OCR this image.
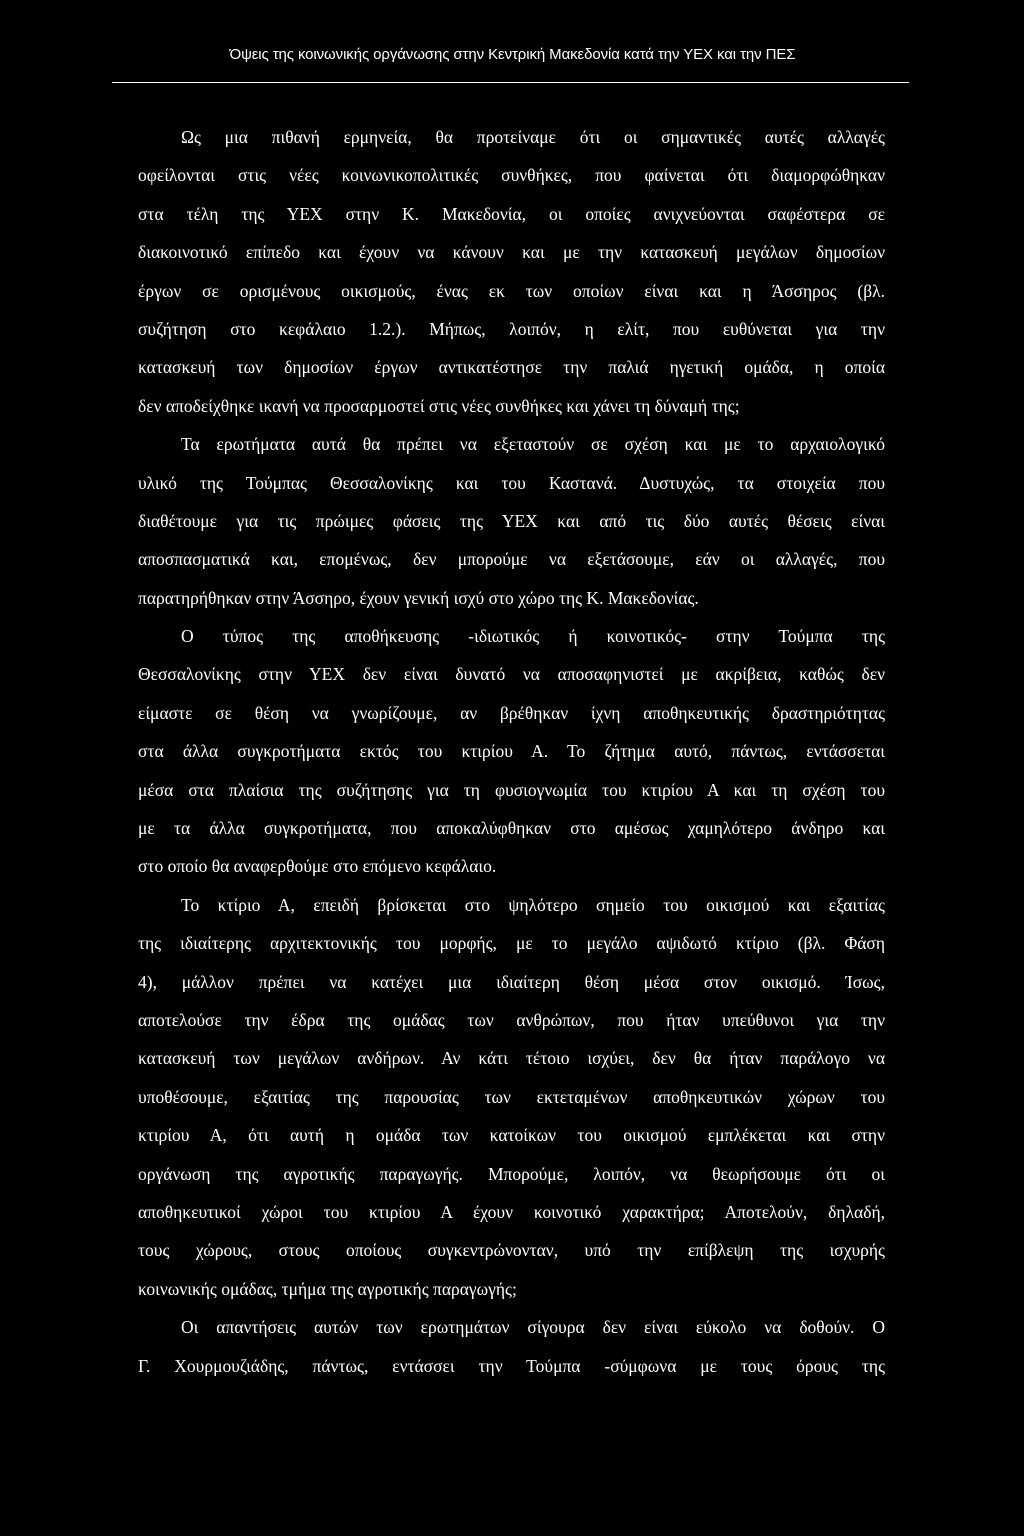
Όψεις της κοινωνικής οργάνωσης στην Κεντρική Μακεδονία κατά την ΥΕΧ και την ΠΕΣ
Ως μια πιθανή ερμηνεία, θα προτείναμε ότι οι σημαντικές αυτές αλλαγές
οφείλονται στις νέες κοινωνικοπολιτικές συνθήκες, που φαίνεται ότι διαμορφώθηκαν
στα τέλη της ΥΕΧ στην Κ. Μακεδονία, οι οποίες ανιχνεύονται σαφέστερα σε
διακοινοτικό επίπεδο και έχουν να κάνουν και με την κατασκευή μεγάλων δημοσίων
έργων σε ορισμένους οικισμούς, ένας εκ των οποίων είναι και η Άσσηρος (βλ.
συζήτηση στο κεφάλαιο 1.2.). Μήπως, λοιπόν, η ελίτ, που ευθύνεται για την
κατασκευή των δημοσίων έργων αντικατέστησε την παλιά ηγετική ομάδα, η οποία
δεν αποδείχθηκε ικανή να προσαρμοστεί στις νέες συνθήκες και χάνει τη δύναμή της;
Τα ερωτήματα αυτά θα πρέπει να εξεταστούν σε σχέση και με το αρχαιολογικό
υλικό της Τούμπας Θεσσαλονίκης και του Καστανά. Δυστυχώς, τα στοιχεία που
διαθέτουμε για τις πρώιμες φάσεις της ΥΕΧ και από τις δύο αυτές θέσεις είναι
αποσπασματικά και, επομένως, δεν μπορούμε να εξετάσουμε, εάν οι αλλαγές, που
παρατηρήθηκαν στην Άσσηρο, έχουν γενική ισχύ στο χώρο της Κ. Μακεδονίας.
Ο τύπος της αποθήκευσης -ιδιωτικός ή κοινοτικός- στην Τούμπα της
Θεσσαλονίκης στην ΥΕΧ δεν είναι δυνατό να αποσαφηνιστεί με ακρίβεια, καθώς δεν
είμαστε σε θέση να γνωρίζουμε, αν βρέθηκαν ίχνη αποθηκευτικής δραστηριότητας
στα άλλα συγκροτήματα εκτός του κτιρίου Α. Το ζήτημα αυτό, πάντως, εντάσσεται
μέσα στα πλαίσια της συζήτησης για τη φυσιογνωμία του κτιρίου Α και τη σχέση του
με τα άλλα συγκροτήματα, που αποκαλύφθηκαν στο αμέσως χαμηλότερο άνδηρο και
στο οποίο θα αναφερθούμε στο επόμενο κεφάλαιο.
Το κτίριο Α, επειδή βρίσκεται στο ψηλότερο σημείο του οικισμού και εξαιτίας
της ιδιαίτερης αρχιτεκτονικής του μορφής, με το μεγάλο αψιδωτό κτίριο (βλ. Φάση
4), μάλλον πρέπει να κατέχει μια ιδιαίτερη θέση μέσα στον οικισμό. Ίσως,
αποτελούσε την έδρα της ομάδας των ανθρώπων, που ήταν υπεύθυνοι για την
κατασκευή των μεγάλων ανδήρων. Αν κάτι τέτοιο ισχύει, δεν θα ήταν παράλογο να
υποθέσουμε, εξαιτίας της παρουσίας των εκτεταμένων αποθηκευτικών χώρων του
κτιρίου Α, ότι αυτή η ομάδα των κατοίκων του οικισμού εμπλέκεται και στην
οργάνωση της αγροτικής παραγωγής. Μπορούμε, λοιπόν, να θεωρήσουμε ότι οι
αποθηκευτικοί χώροι του κτιρίου Α έχουν κοινοτικό χαρακτήρα; Αποτελούν, δηλαδή,
τους χώρους, στους οποίους συγκεντρώνονταν, υπό την επίβλεψη της ισχυρής
κοινωνικής ομάδας, τμήμα της αγροτικής παραγωγής;
Οι απαντήσεις αυτών των ερωτημάτων σίγουρα δεν είναι εύκολο να δοθούν. Ο
Γ. Χουρμουζιάδης, πάντως, εντάσσει την Τούμπα -σύμφωνα με τους όρους της
